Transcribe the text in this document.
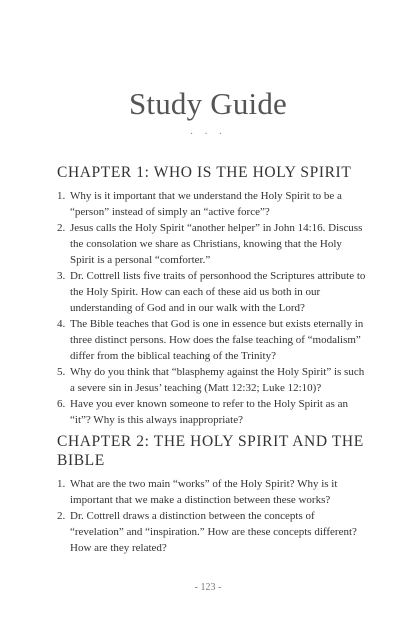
Study Guide
· · ·
CHAPTER 1: WHO IS THE HOLY SPIRIT
1. Why is it important that we understand the Holy Spirit to be a “person” instead of simply an “active force”?
2. Jesus calls the Holy Spirit “another helper” in John 14:16. Discuss the consolation we share as Christians, knowing that the Holy Spirit is a personal “comforter.”
3. Dr. Cottrell lists five traits of personhood the Scriptures attribute to the Holy Spirit. How can each of these aid us both in our understanding of God and in our walk with the Lord?
4. The Bible teaches that God is one in essence but exists eternally in three distinct persons. How does the false teaching of “modalism” differ from the biblical teaching of the Trinity?
5. Why do you think that “blasphemy against the Holy Spirit” is such a severe sin in Jesus’ teaching (Matt 12:32; Luke 12:10)?
6. Have you ever known someone to refer to the Holy Spirit as an “it”? Why is this always inappropriate?
CHAPTER 2: THE HOLY SPIRIT AND THE BIBLE
1. What are the two main “works” of the Holy Spirit? Why is it important that we make a distinction between these works?
2. Dr. Cottrell draws a distinction between the concepts of “revelation” and “inspiration.” How are these concepts different? How are they related?
- 123 -
